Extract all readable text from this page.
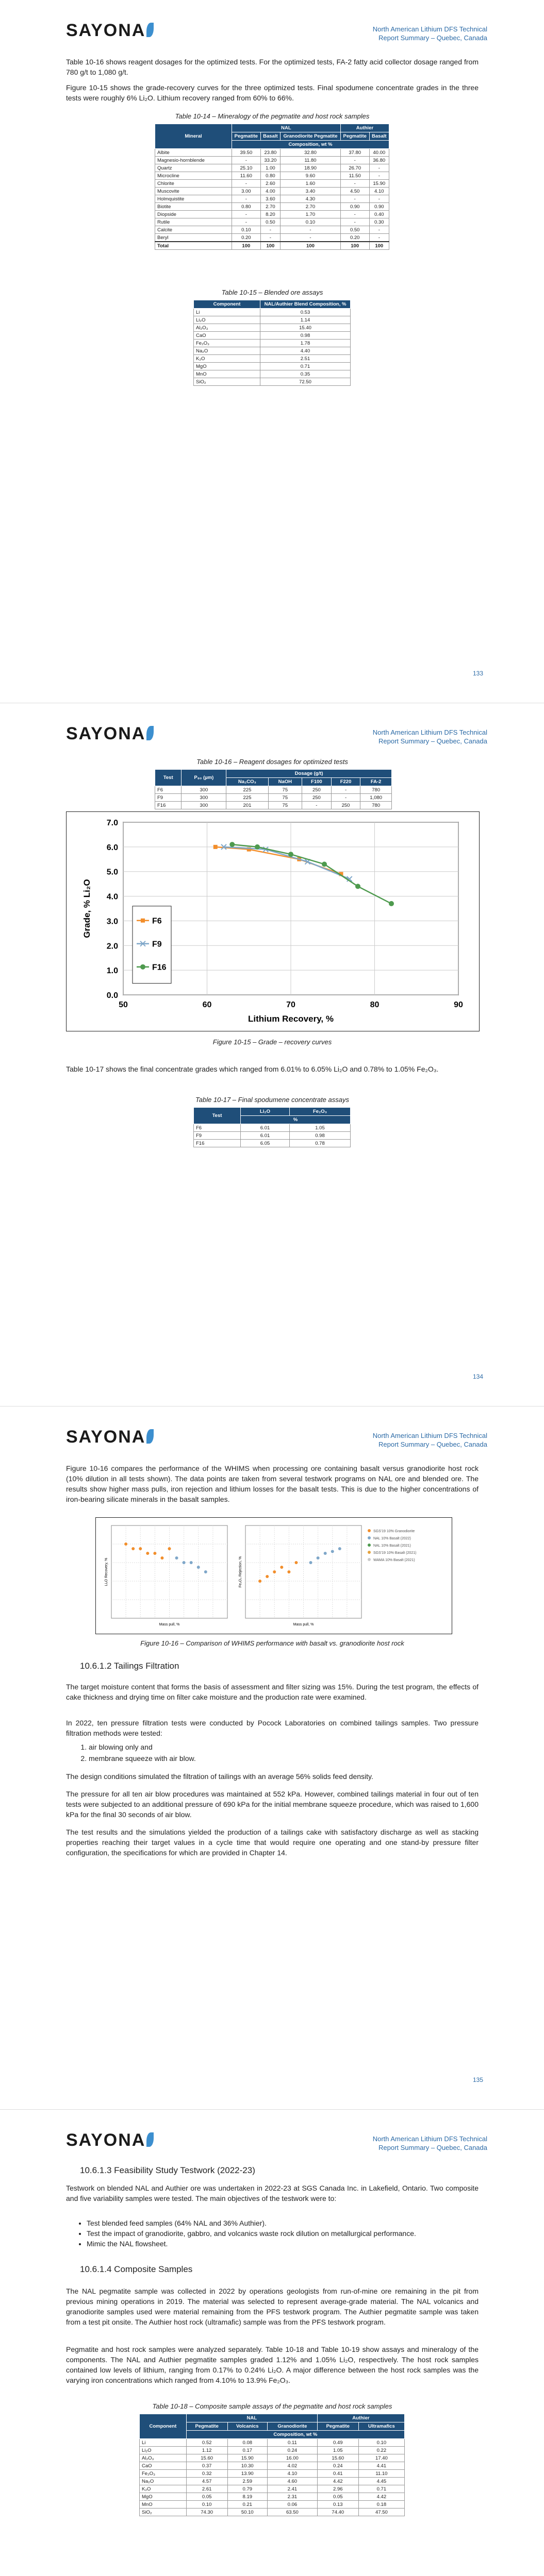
SAYONA	North American Lithium DFS Technical
Report Summary – Quebec, Canada
Table 10-16 shows reagent dosages for the optimized tests. For the optimized tests, FA-2 fatty acid collector dosage ranged from 780 g/t to 1,080 g/t.
Figure 10-15 shows the grade-recovery curves for the three optimized tests. Final spodumene concentrate grades in the three tests were roughly 6% Li₂O. Lithium recovery ranged from 60% to 66%.
Table 10-14 – Mineralogy of the pegmatite and host rock samples
Mineral	NAL			Authier	
	Pegmatite	Basalt	Granodiorite Pegmatite	Pegmatite	Basalt
	Composition, wt %				
Albite	39.50	23.80	32.80	37.80	40.00
Magnesio-hornblende	-	33.20	11.80	-	36.80
Quartz	25.10	1.00	18.90	26.70	-
Microcline	11.60	0.80	9.60	11.50	-
Chlorite	-	2.60	1.60	-	15.90
Muscovite	3.00	4.00	3.40	4.50	4.10
Holmquistite	-	3.60	4.30	-	-
Biotite	0.80	2.70	2.70	0.90	0.90
Diopside	-	8.20	1.70	-	0.40
Rutile	-	0.50	0.10	-	0.30
Calcite	0.10	-	-	0.50	-
Beryl	0.20	-	-	0.20	-
Total	100	100	100	100	100
Table 10-15 – Blended ore assays
Component	NAL/Authier Blend Composition, %
Li	0.53
Li₂O	1.14
Al₂O₃	15.40
CaO	0.98
Fe₂O₃	1.78
Na₂O	4.40
K₂O	2.51
MgO	0.71
MnO	0.35
SiO₂	72.50
133
SAYONA	North American Lithium DFS Technical
Report Summary – Quebec, Canada
Table 10-16 – Reagent dosages for optimized tests
Test	P₈₀ (µm)	Dosage (g/t)				
		Na₂CO₃	NaOH	F100	F220	FA-2
F6	300	225	75	250	-	780
F9	300	225	75	250	-	1,080
F16	300	201	75	-	250	780
0.0
1.0
2.0
3.0
4.0
5.0
6.0
7.0
50	60	70	80	90
Lithium Recovery, %
Grade, % Li₂O	F6
F9
F16
Figure 10-15 – Grade – recovery curves
Table 10-17 shows the final concentrate grades which ranged from 6.01% to 6.05% Li₂O and 0.78% to 1.05% Fe₂O₃.
Table 10-17 – Final spodumene concentrate assays
Test	Li₂O	Fe₂O₃
	%	
F6	6.01	1.05
F9	6.01	0.98
F16	6.05	0.78
134
SAYONA	North American Lithium DFS Technical
Report Summary – Quebec, Canada
Figure 10-16 compares the performance of the WHIMS when processing ore containing basalt versus granodiorite host rock (10% dilution in all tests shown). The data points are taken from several testwork programs on NAL ore and blended ore. The results show higher mass pulls, iron rejection and lithium losses for the basalt tests. This is due to the higher concentrations of iron-bearing silicate minerals in the basalt samples.
Li₂O Recovery, %
Mass pull, %
Fe₂O₃ Rejection, %
Mass pull, %
SGS'19 10% Granodiorite
NAL 10% Basalt (2022)
NAL 10% Basalt (2021)
SGS'19 10% Basalt (2021)
WAMA 10% Basalt (2021)
Figure 10-16 – Comparison of WHIMS performance with basalt vs. granodiorite host rock
10.6.1.2 Tailings Filtration
The target moisture content that forms the basis of assessment and filter sizing was 15%. During the test program, the effects of cake thickness and drying time on filter cake moisture and the production rate were examined.
In 2022, ten pressure filtration tests were conducted by Pocock Laboratories on combined tailings samples. Two pressure filtration methods were tested:
1. air blowing only and
2. membrane squeeze with air blow.
The design conditions simulated the filtration of tailings with an average 56% solids feed density.
The pressure for all ten air blow procedures was maintained at 552 kPa. However, combined tailings material in four out of ten tests were subjected to an additional pressure of 690 kPa for the initial membrane squeeze procedure, which was raised to 1,600 kPa for the final 30 seconds of air blow.
The test results and the simulations yielded the production of a tailings cake with satisfactory discharge as well as stacking properties reaching their target values in a cycle time that would require one operating and one stand-by pressure filter configuration, the specifications for which are provided in Chapter 14.
135
SAYONA	North American Lithium DFS Technical
Report Summary – Quebec, Canada
10.6.1.3 Feasibility Study Testwork (2022-23)
Testwork on blended NAL and Authier ore was undertaken in 2022-23 at SGS Canada Inc. in Lakefield, Ontario. Two composite and five variability samples were tested. The main objectives of the testwork were to:
• Test blended feed samples (64% NAL and 36% Authier).
• Test the impact of granodiorite, gabbro, and volcanics waste rock dilution on metallurgical performance.
• Mimic the NAL flowsheet.
10.6.1.4 Composite Samples
The NAL pegmatite sample was collected in 2022 by operations geologists from run-of-mine ore remaining in the pit from previous mining operations in 2019. The material was selected to represent average-grade material. The NAL volcanics and granodiorite samples used were material remaining from the PFS testwork program. The Authier pegmatite sample was taken from a test pit onsite. The Authier host rock (ultramafic) sample was from the PFS testwork program.
Pegmatite and host rock samples were analyzed separately. Table 10-18 and Table 10-19 show assays and mineralogy of the components. The NAL and Authier pegmatite samples graded 1.12% and 1.05% Li₂O, respectively. The host rock samples contained low levels of lithium, ranging from 0.17% to 0.24% Li₂O. A major difference between the host rock samples was the varying iron concentrations which ranged from 4.10% to 13.9% Fe₂O₃.
Table 10-18 – Composite sample assays of the pegmatite and host rock samples
Component	NAL			Authier	
	Pegmatite	Volcanics	Granodiorite	Pegmatite	Ultramafics
	Composition, wt %				
Li	0.52	0.08	0.11	0.49	0.10
Li₂O	1.12	0.17	0.24	1.05	0.22
Al₂O₃	15.60	15.90	16.00	15.60	17.40
CaO	0.37	10.30	4.02	0.24	4.41
Fe₂O₃	0.32	13.90	4.10	0.41	11.10
Na₂O	4.57	2.59	4.60	4.42	4.45
K₂O	2.61	0.79	2.41	2.96	0.71
MgO	0.05	8.19	2.31	0.05	4.42
MnO	0.10	0.21	0.06	0.13	0.18
SiO₂	74.30	50.10	63.50	74.40	47.50
